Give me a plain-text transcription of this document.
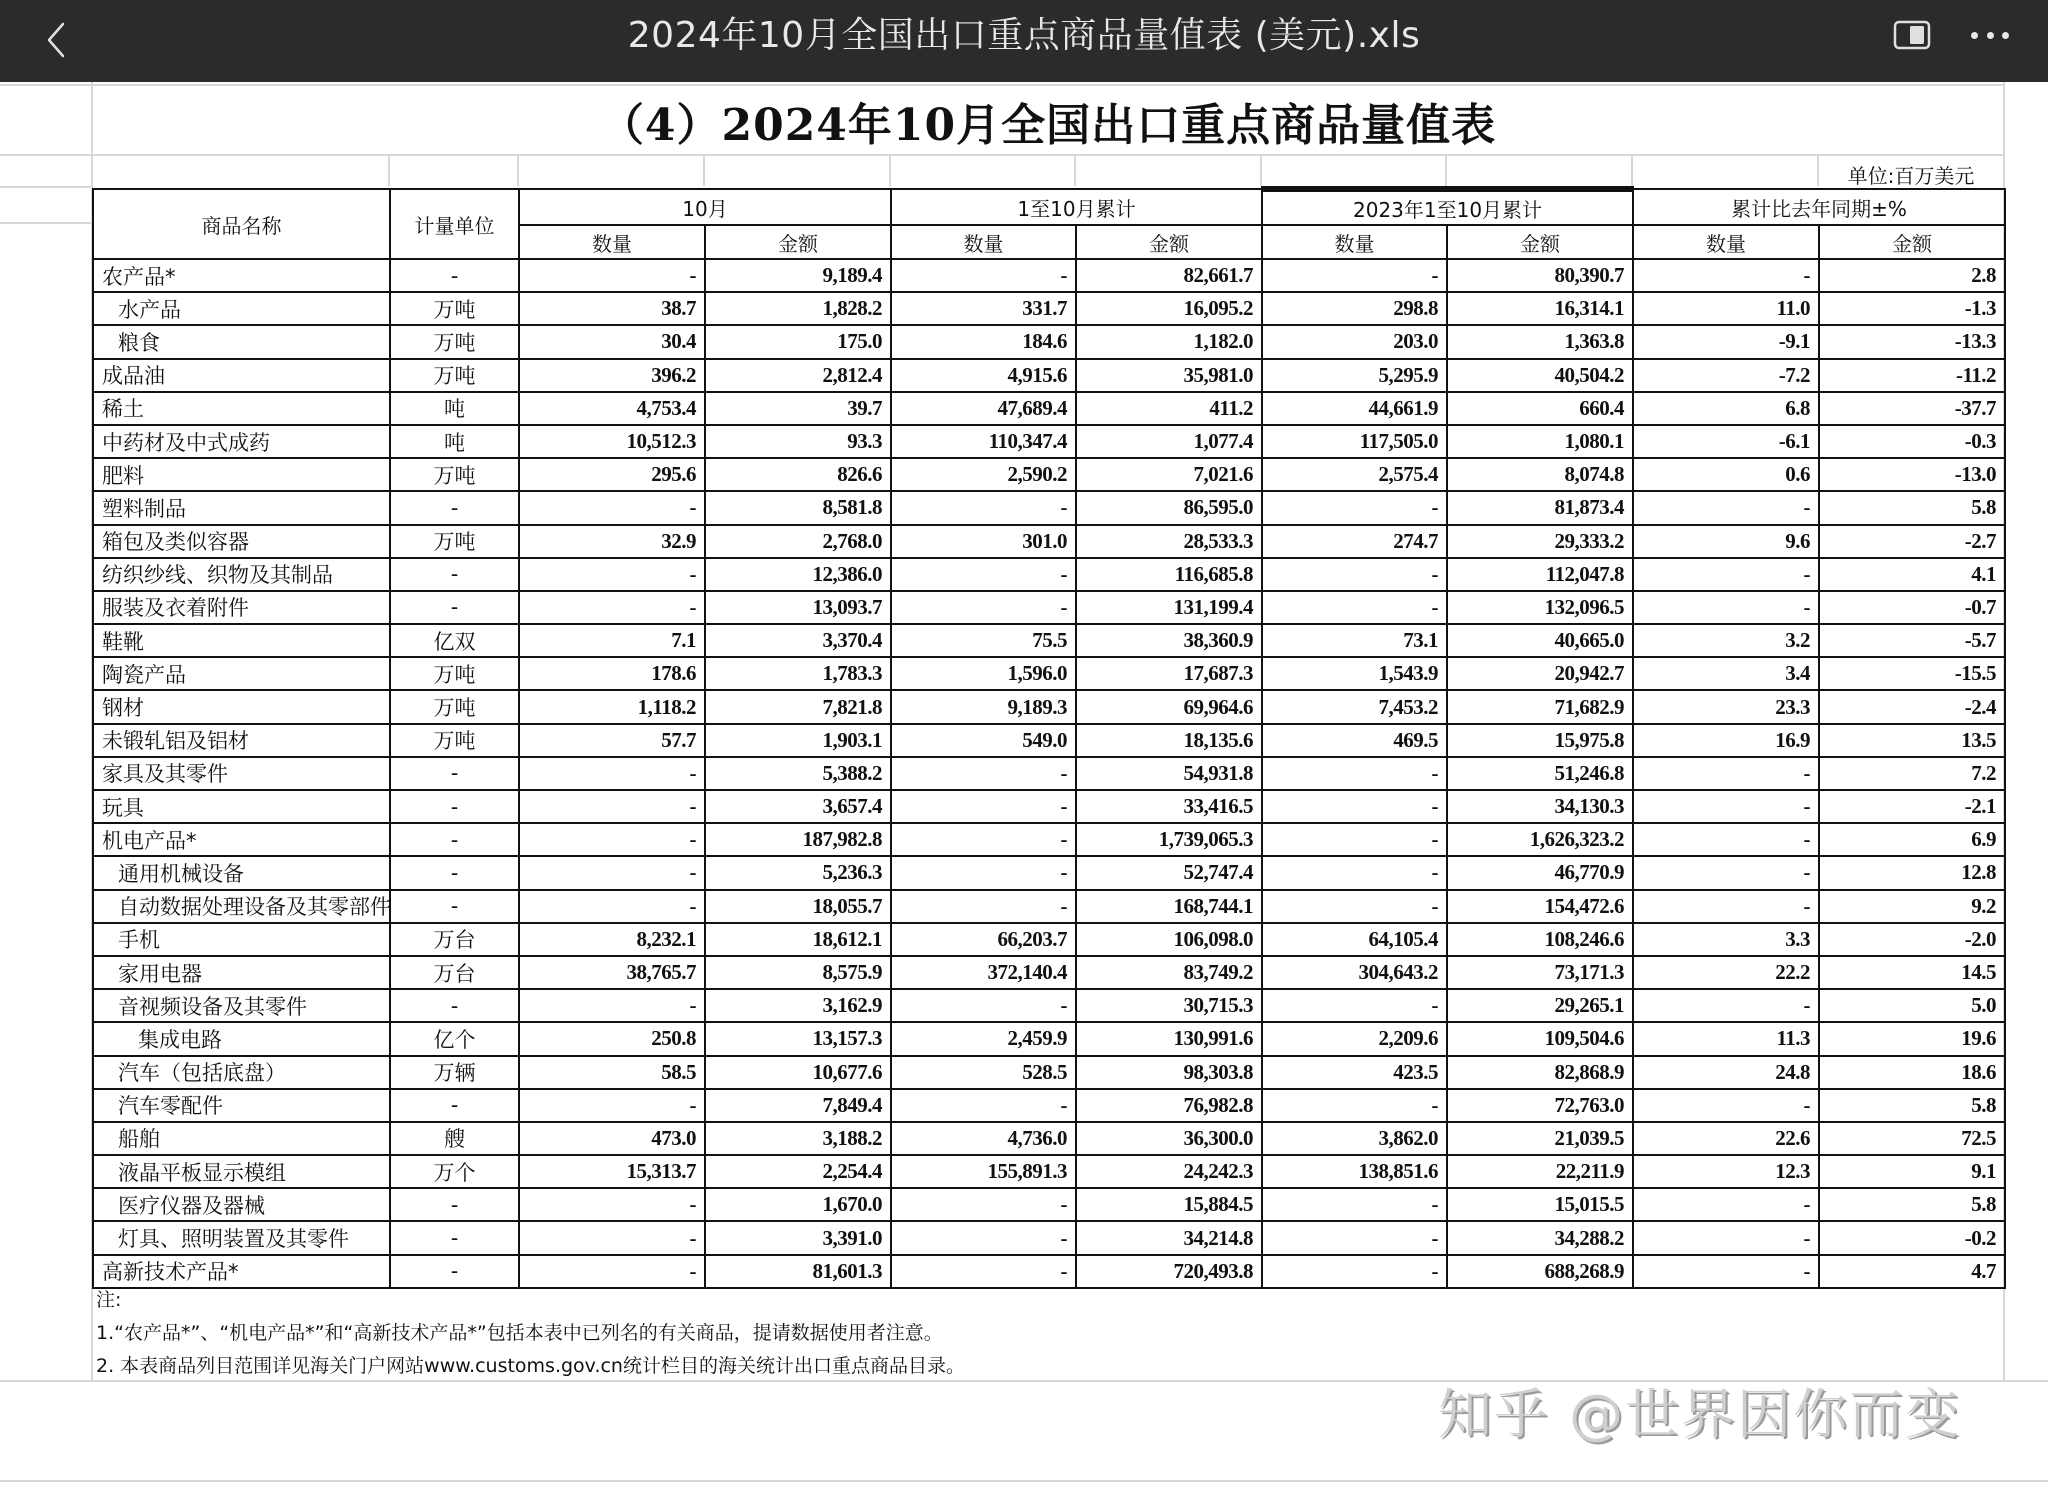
2024年10月全国出口重点商品量值表 (美元).xls
（4）2024年10月全国出口重点商品量值表
单位:百万美元
商品名称	计量单位	10月		1至10月累计		2023年1至10月累计		累计比去年同期±%	
		数量	金额	数量	金额	数量	金额	数量	金额
农产品*	-	-	9,189.4	-	82,661.7	-	80,390.7	-	2.8
水产品	万吨	38.7	1,828.2	331.7	16,095.2	298.8	16,314.1	11.0	-1.3
粮食	万吨	30.4	175.0	184.6	1,182.0	203.0	1,363.8	-9.1	-13.3
成品油	万吨	396.2	2,812.4	4,915.6	35,981.0	5,295.9	40,504.2	-7.2	-11.2
稀土	吨	4,753.4	39.7	47,689.4	411.2	44,661.9	660.4	6.8	-37.7
中药材及中式成药	吨	10,512.3	93.3	110,347.4	1,077.4	117,505.0	1,080.1	-6.1	-0.3
肥料	万吨	295.6	826.6	2,590.2	7,021.6	2,575.4	8,074.8	0.6	-13.0
塑料制品	-	-	8,581.8	-	86,595.0	-	81,873.4	-	5.8
箱包及类似容器	万吨	32.9	2,768.0	301.0	28,533.3	274.7	29,333.2	9.6	-2.7
纺织纱线、织物及其制品	-	-	12,386.0	-	116,685.8	-	112,047.8	-	4.1
服装及衣着附件	-	-	13,093.7	-	131,199.4	-	132,096.5	-	-0.7
鞋靴	亿双	7.1	3,370.4	75.5	38,360.9	73.1	40,665.0	3.2	-5.7
陶瓷产品	万吨	178.6	1,783.3	1,596.0	17,687.3	1,543.9	20,942.7	3.4	-15.5
钢材	万吨	1,118.2	7,821.8	9,189.3	69,964.6	7,453.2	71,682.9	23.3	-2.4
未锻轧铝及铝材	万吨	57.7	1,903.1	549.0	18,135.6	469.5	15,975.8	16.9	13.5
家具及其零件	-	-	5,388.2	-	54,931.8	-	51,246.8	-	7.2
玩具	-	-	3,657.4	-	33,416.5	-	34,130.3	-	-2.1
机电产品*	-	-	187,982.8	-	1,739,065.3	-	1,626,323.2	-	6.9
通用机械设备	-	-	5,236.3	-	52,747.4	-	46,770.9	-	12.8
自动数据处理设备及其零部件	-	-	18,055.7	-	168,744.1	-	154,472.6	-	9.2
手机	万台	8,232.1	18,612.1	66,203.7	106,098.0	64,105.4	108,246.6	3.3	-2.0
家用电器	万台	38,765.7	8,575.9	372,140.4	83,749.2	304,643.2	73,171.3	22.2	14.5
音视频设备及其零件	-	-	3,162.9	-	30,715.3	-	29,265.1	-	5.0
集成电路	亿个	250.8	13,157.3	2,459.9	130,991.6	2,209.6	109,504.6	11.3	19.6
汽车（包括底盘）	万辆	58.5	10,677.6	528.5	98,303.8	423.5	82,868.9	24.8	18.6
汽车零配件	-	-	7,849.4	-	76,982.8	-	72,763.0	-	5.8
船舶	艘	473.0	3,188.2	4,736.0	36,300.0	3,862.0	21,039.5	22.6	72.5
液晶平板显示模组	万个	15,313.7	2,254.4	155,891.3	24,242.3	138,851.6	22,211.9	12.3	9.1
医疗仪器及器械	-	-	1,670.0	-	15,884.5	-	15,015.5	-	5.8
灯具、照明装置及其零件	-	-	3,391.0	-	34,214.8	-	34,288.2	-	-0.2
高新技术产品*	-	-	81,601.3	-	720,493.8	-	688,268.9	-	4.7
注:
1.“农产品*”、“机电产品*”和“高新技术产品*”包括本表中已列名的有关商品，提请数据使用者注意。
2. 本表商品列目范围详见海关门户网站www.customs.gov.cn统计栏目的海关统计出口重点商品目录。
知乎 @世界因你而变
